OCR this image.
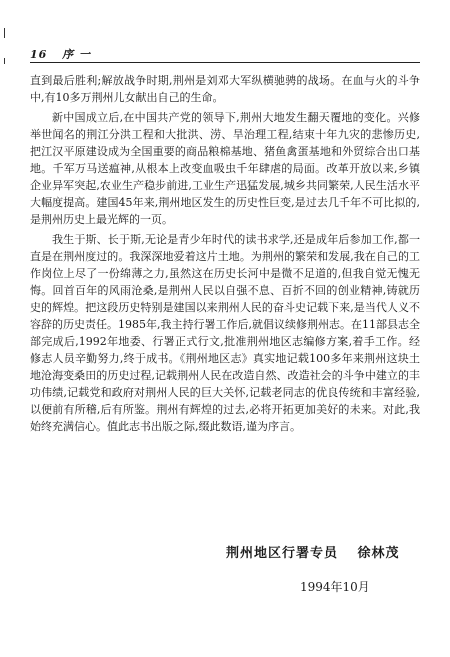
16 序 一

直到最后胜利;解放战争时期,荆州是刘邓大军纵横驰骋的战场。在血与火的斗争中,有10多万荆州儿女献出自己的生命。

新中国成立后,在中国共产党的领导下,荆州大地发生翻天覆地的变化。兴修举世闻名的荆江分洪工程和大批洪、涝、旱治理工程,结束十年九灾的悲惨历史,把江汉平原建设成为全国重要的商品粮棉基地、猪鱼禽蛋基地和外贸综合出口基地。千军万马送瘟神,从根本上改变血吸虫千年肆虐的局面。改革开放以来,乡镇企业异军突起,农业生产稳步前进,工业生产迅猛发展,城乡共同繁荣,人民生活水平大幅度提高。建国45年来,荆州地区发生的历史性巨变,是过去几千年不可比拟的,是荆州历史上最光辉的一页。

我生于斯、长于斯,无论是青少年时代的读书求学,还是成年后参加工作,都一直是在荆州度过的。我深深地爱着这片土地。为荆州的繁荣和发展,我在自己的工作岗位上尽了一份绵薄之力,虽然这在历史长河中是微不足道的,但我自觉无愧无悔。回首百年的风雨沧桑,是荆州人民以自强不息、百折不回的创业精神,铸就历史的辉煌。把这段历史特别是建国以来荆州人民的奋斗史记载下来,是当代人义不容辞的历史责任。1985年,我主持行署工作后,就倡议续修荆州志。在11部县志全部完成后,1992年地委、行署正式行文,批准荆州地区志编修方案,着手工作。经修志人员辛勤努力,终于成书。《荆州地区志》真实地记载100多年来荆州这块土地沧海变桑田的历史过程,记载荆州人民在改造自然、改造社会的斗争中建立的丰功伟绩,记载党和政府对荆州人民的巨大关怀,记载老同志的优良传统和丰富经验,以便前有所稽,后有所鉴。荆州有辉煌的过去,必将开拓更加美好的未来。对此,我始终充满信心。值此志书出版之际,缀此数语,谨为序言。

荆州地区行署专员 徐林茂
1994年10月
